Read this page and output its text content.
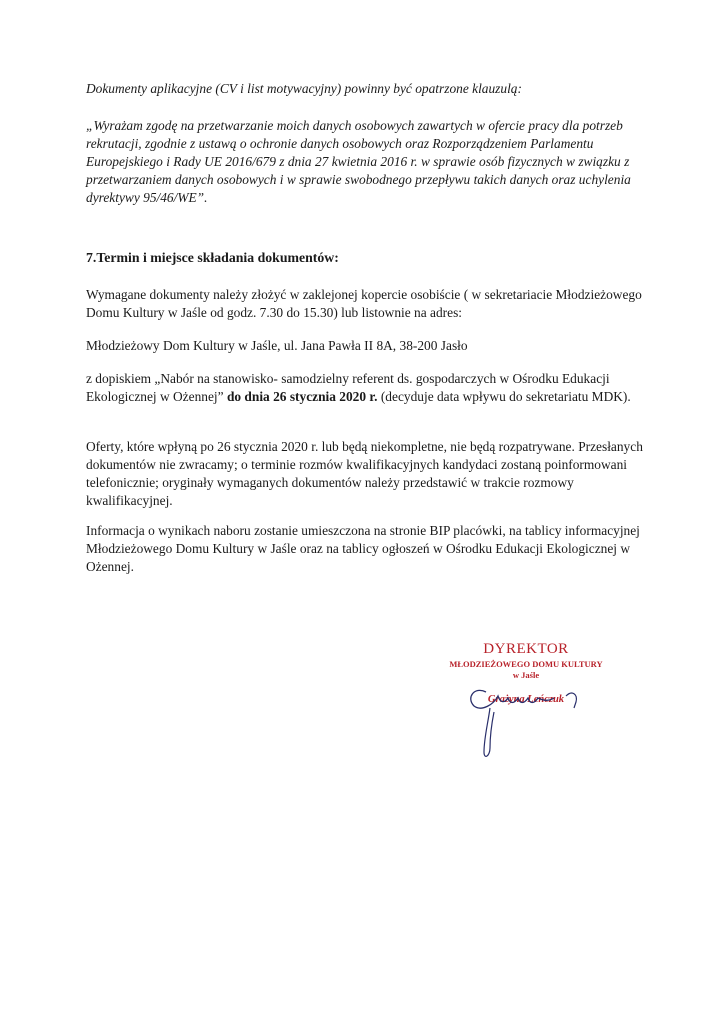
Dokumenty aplikacyjne (CV i list motywacyjny) powinny być opatrzone klauzulą:

„Wyrażam zgodę na przetwarzanie moich danych osobowych zawartych w ofercie pracy dla potrzeb rekrutacji, zgodnie z ustawą o ochronie danych osobowych oraz Rozporządzeniem Parlamentu Europejskiego i Rady UE 2016/679 z dnia 27 kwietnia 2016 r. w sprawie osób fizycznych w związku z przetwarzaniem danych osobowych i w sprawie swobodnego przepływu takich danych oraz uchylenia dyrektywy 95/46/WE”.

7.Termin i miejsce składania dokumentów:

Wymagane dokumenty należy złożyć w zaklejonej kopercie osobiście ( w sekretariacie Młodzieżowego Domu Kultury w Jaśle od godz. 7.30 do 15.30) lub listownie na adres:

Młodzieżowy Dom Kultury w Jaśle, ul. Jana Pawła II 8A, 38-200 Jasło

z dopiskiem „Nabór na stanowisko- samodzielny referent ds. gospodarczych w Ośrodku Edukacji Ekologicznej w Ożennej” do dnia 26 stycznia 2020 r. (decyduje data wpływu do sekretariatu MDK).

Oferty, które wpłyną po 26 stycznia 2020 r. lub będą niekompletne, nie będą rozpatrywane. Przesłanych dokumentów nie zwracamy; o terminie rozmów kwalifikacyjnych kandydaci zostaną poinformowani telefonicznie; oryginały wymaganych dokumentów należy przedstawić w trakcie rozmowy kwalifikacyjnej.

Informacja o wynikach naboru zostanie umieszczona na stronie BIP placówki, na tablicy informacyjnej Młodzieżowego Domu Kultury w Jaśle oraz na tablicy ogłoszeń w Ośrodku Edukacji Ekologicznej w Ożennej.

DYREKTOR
MŁODZIEŻOWEGO DOMU KULTURY
w Jaśle
Grażyna Leńczuk
